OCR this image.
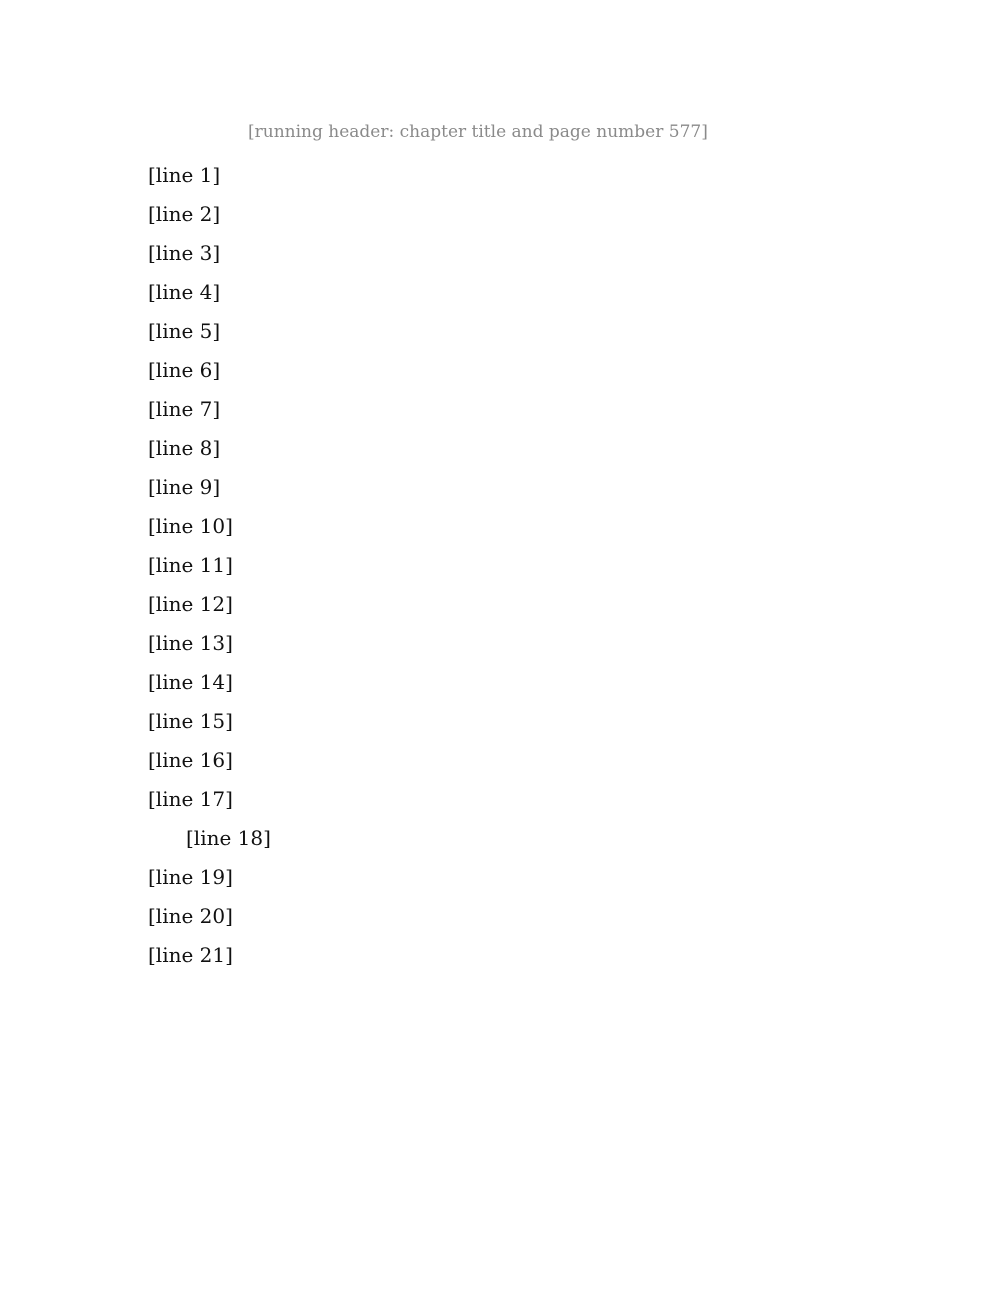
[running header: chapter title and page number 577]
[line 1]
[line 2]
[line 3]
[line 4]
[line 5]
[line 6]
[line 7]
[line 8]
[line 9]
[line 10]
[line 11]
[line 12]
[line 13]
[line 14]
[line 15]
[line 16]
[line 17]
[line 18]
[line 19]
[line 20]
[line 21]
